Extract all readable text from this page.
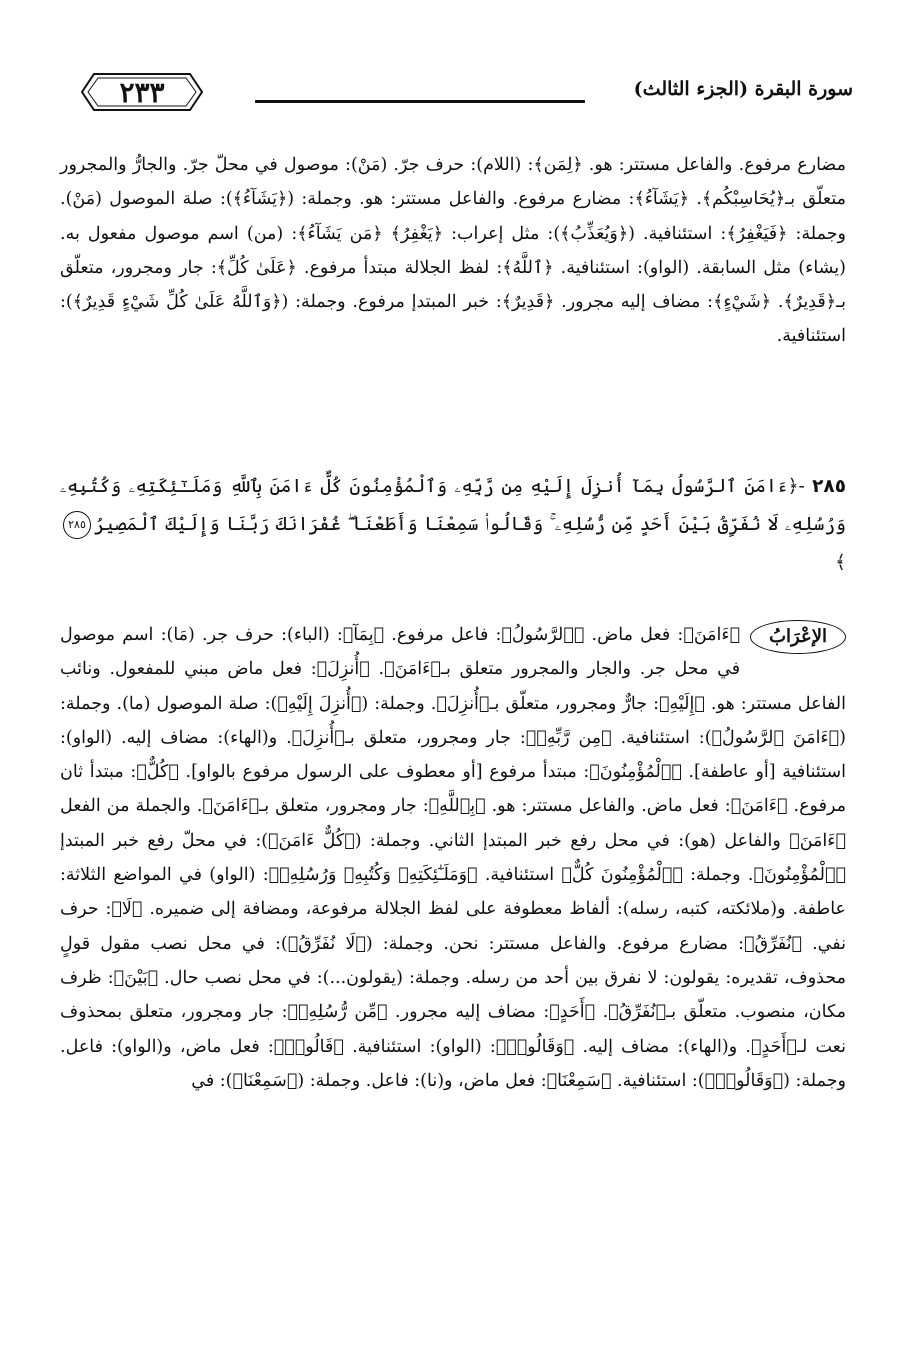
٢٣٣	سورة البقرة (الجزء الثالث)

مضارع مرفوع. والفاعل مستتر: هو. ﴿لِمَن﴾: (اللام): حرف جرّ. (مَنْ): موصول في محلّ جرّ. والجارُّ والمجرور متعلّق بـ﴿يُحَاسِبْكُم﴾. ﴿يَشَآءُ﴾: مضارع مرفوع. والفاعل مستتر: هو. وجملة: (﴿يَشَآءُ﴾): صلة الموصول (مَنْ). وجملة: ﴿فَيَغْفِرُ﴾: استئنافية. (﴿وَيُعَذِّبُ﴾): مثل إعراب: ﴿يَغْفِرُ﴾ ﴿مَن يَشَآءُ﴾: (من) اسم موصول مفعول به. (يشاء) مثل السابقة. (الواو): استئنافية. ﴿ٱللَّهُ﴾: لفظ الجلالة مبتدأ مرفوع. ﴿عَلَىٰ كُلِّ﴾: جار ومجرور، متعلّق بـ﴿قَدِيرٌ﴾. ﴿شَيْءٍ﴾: مضاف إليه مجرور. ﴿قَدِيرٌ﴾: خبر المبتدإ مرفوع. وجملة: (﴿وَٱللَّهُ عَلَىٰ كُلِّ شَيْءٍ قَدِيرٌ﴾): استئنافية.

٢٨٥ -﴿ءَامَنَ ٱلرَّسُولُ بِمَآ أُنزِلَ إِلَيْهِ مِن رَّبِّهِۦ وَٱلْمُؤْمِنُونَ كُلٌّ ءَامَنَ بِٱللَّهِ وَمَلَـٰٓئِكَتِهِۦ وَكُتُبِهِۦ وَرُسُلِهِۦ لَا نُفَرِّقُ بَيْنَ أَحَدٍ مِّن رُّسُلِهِۦ ۚ وَقَالُوا۟ سَمِعْنَا وَأَطَعْنَا ۖ غُفْرَانَكَ رَبَّنَا وَإِلَيْكَ ٱلْمَصِيرُ٢٨٥﴾

الإعْرَابُ

﴿ءَامَنَ﴾: فعل ماض. ﴿ٱلرَّسُولُ﴾: فاعل مرفوع. ﴿بِمَآ﴾: (الباء): حرف جر. (مَا): اسم موصول في محل جر. والجار والمجرور متعلق بـ﴿ءَامَنَ﴾. ﴿أُنزِلَ﴾: فعل ماض مبني للمفعول. ونائب الفاعل مستتر: هو. ﴿إِلَيْهِ﴾: جارٌّ ومجرور، متعلّق بـ﴿أُنزِلَ﴾. وجملة: (﴿أُنزِلَ إِلَيْهِ﴾): صلة الموصول (ما). وجملة: (﴿ءَامَنَ ٱلرَّسُولُ﴾): استئنافية. ﴿مِن رَّبِّهِۦ﴾: جار ومجرور، متعلق بـ﴿أُنزِلَ﴾. و(الهاء): مضاف إليه. (الواو): استئنافية [أو عاطفة]. ﴿ٱلْمُؤْمِنُونَ﴾: مبتدأ مرفوع [أو معطوف على الرسول مرفوع بالواو]. ﴿كُلٌّ﴾: مبتدأ ثان مرفوع. ﴿ءَامَنَ﴾: فعل ماض. والفاعل مستتر: هو. ﴿بِٱللَّهِ﴾: جار ومجرور، متعلق بـ﴿ءَامَنَ﴾. والجملة من الفعل ﴿ءَامَنَ﴾ والفاعل (هو): في محل رفع خبر المبتدإ الثاني. وجملة: (﴿كُلٌّ ءَامَنَ﴾): في محلّ رفع خبر المبتدإ ﴿ٱلْمُؤْمِنُونَ﴾. وجملة: ﴿ٱلْمُؤْمِنُونَ كُلٌّ﴾ استئنافية. ﴿وَمَلَـٰٓئِكَتِهِۦ وَكُتُبِهِۦ وَرُسُلِهِۦ﴾: (الواو) في المواضع الثلاثة: عاطفة. و(ملائكته، كتبه، رسله): ألفاظ معطوفة على لفظ الجلالة مرفوعة، ومضافة إلى ضميره. ﴿لَا﴾: حرف نفي. ﴿نُفَرِّقُ﴾: مضارع مرفوع. والفاعل مستتر: نحن. وجملة: (﴿لَا نُفَرِّقُ﴾): في محل نصب مقول قولٍ محذوف، تقديره: يقولون: لا نفرق بين أحد من رسله. وجملة: (يقولون...): في محل نصب حال. ﴿بَيْنَ﴾: ظرف مكان، منصوب. متعلّق بـ﴿نُفَرِّقُ﴾. ﴿أَحَدٍ﴾: مضاف إليه مجرور. ﴿مِّن رُّسُلِهِۦ﴾: جار ومجرور، متعلق بمحذوف نعت لـ﴿أَحَدٍ﴾. و(الهاء): مضاف إليه. ﴿وَقَالُوا۟﴾: (الواو): استئنافية. ﴿قَالُوا۟﴾: فعل ماض، و(الواو): فاعل. وجملة: (﴿وَقَالُوا۟﴾): استئنافية. ﴿سَمِعْنَا﴾: فعل ماض، و(نا): فاعل. وجملة: (﴿سَمِعْنَا﴾): في
